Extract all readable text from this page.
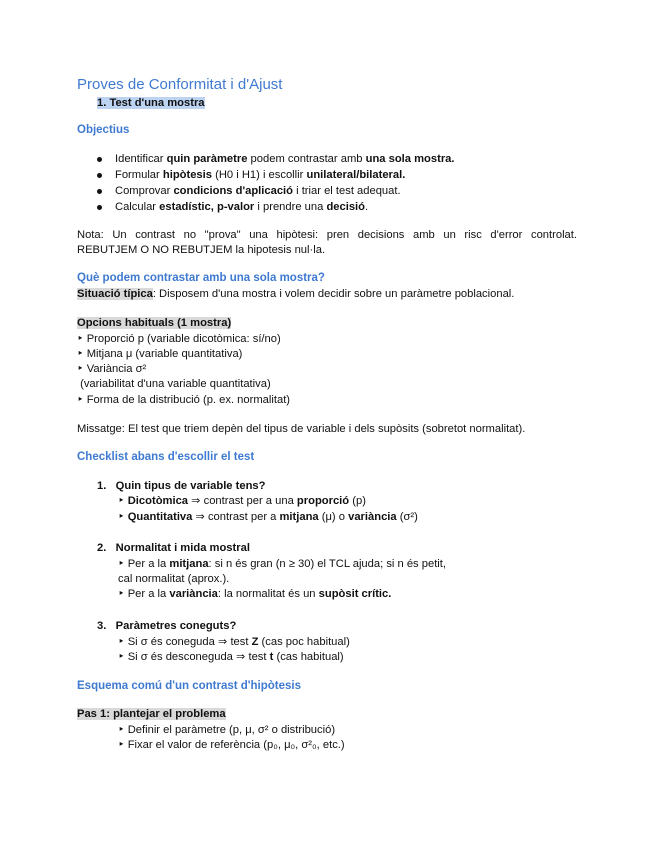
Proves de Conformitat i d'Ajust
1. Test d'una mostra
Objectius
Identificar quin paràmetre podem contrastar amb una sola mostra.
Formular hipòtesis (H0 i H1) i escollir unilateral/bilateral.
Comprovar condicions d'aplicació i triar el test adequat.
Calcular estadístic, p-valor i prendre una decisió.
Nota: Un contrast no "prova" una hipòtesi: pren decisions amb un risc d'error controlat.
REBUTJEM O NO REBUTJEM la hipotesis nul·la.
Què podem contrastar amb una sola mostra?
Situació típica: Disposem d'una mostra i volem decidir sobre un paràmetre poblacional.
Opcions habituals (1 mostra)
‣ Proporció p (variable dicotòmica: sí/no)
‣ Mitjana μ (variable quantitativa)
‣ Variància σ²
(variabilitat d'una variable quantitativa)
‣ Forma de la distribució (p. ex. normalitat)
Missatge: El test que triem depèn del tipus de variable i dels supòsits (sobretot normalitat).
Checklist abans d'escollir el test
1.   Quin tipus de variable tens?
‣ Dicotòmica ⇒ contrast per a una proporció (p)
‣ Quantitativa ⇒ contrast per a mitjana (μ) o variància (σ²)
2.   Normalitat i mida mostral
‣ Per a la mitjana: si n és gran (n ≥ 30) el TCL ajuda; si n és petit,
cal normalitat (aprox.).
‣ Per a la variància: la normalitat és un supòsit crític.
3.   Paràmetres coneguts?
‣ Si σ és coneguda ⇒ test Z (cas poc habitual)
‣ Si σ és desconeguda ⇒ test t (cas habitual)
Esquema comú d'un contrast d'hipòtesis
Pas 1: plantejar el problema
‣ Definir el paràmetre (p, μ, σ² o distribució)
‣ Fixar el valor de referència (p₀, μ₀, σ²₀, etc.)
